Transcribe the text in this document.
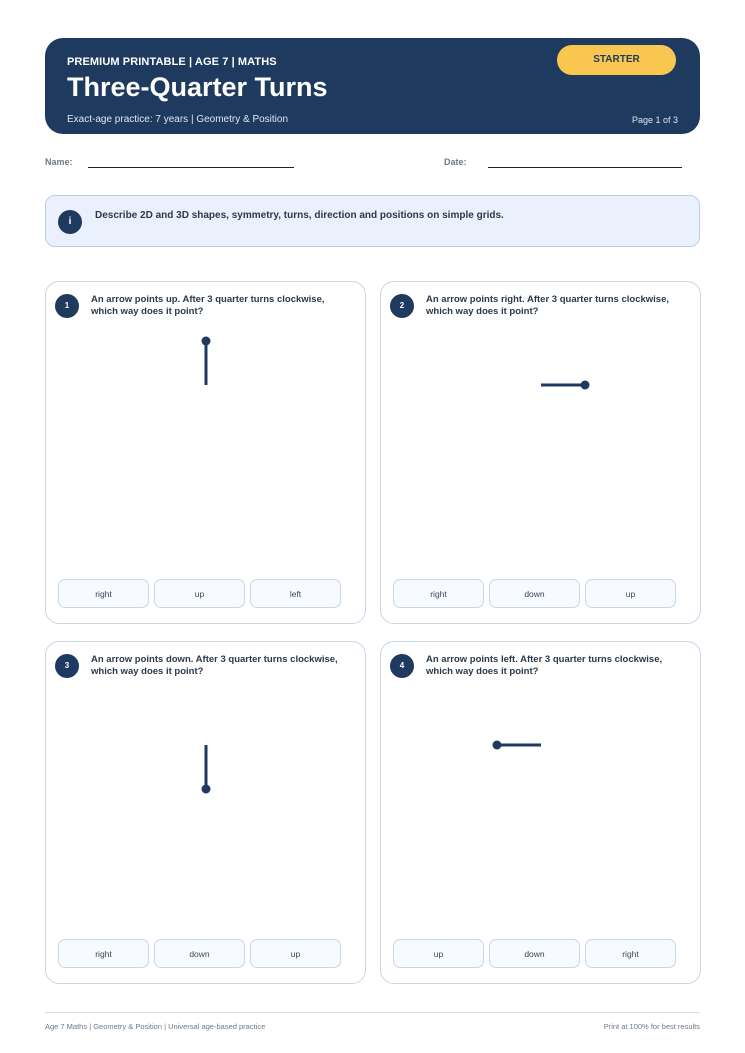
PREMIUM PRINTABLE | AGE 7 | MATHS
Three-Quarter Turns
Exact-age practice: 7 years | Geometry & Position
STARTER
Page 1 of 3
Name:	Date:
i
Describe 2D and 3D shapes, symmetry, turns, direction and positions on simple grids.
1
An arrow points up. After 3 quarter turns clockwise, which way does it point?
right	up	left
2
An arrow points right. After 3 quarter turns clockwise, which way does it point?
right	down	up
3
An arrow points down. After 3 quarter turns clockwise, which way does it point?
right	down	up
4
An arrow points left. After 3 quarter turns clockwise, which way does it point?
up	down	right
Age 7 Maths | Geometry & Position | Universal age-based practice	Print at 100% for best results
